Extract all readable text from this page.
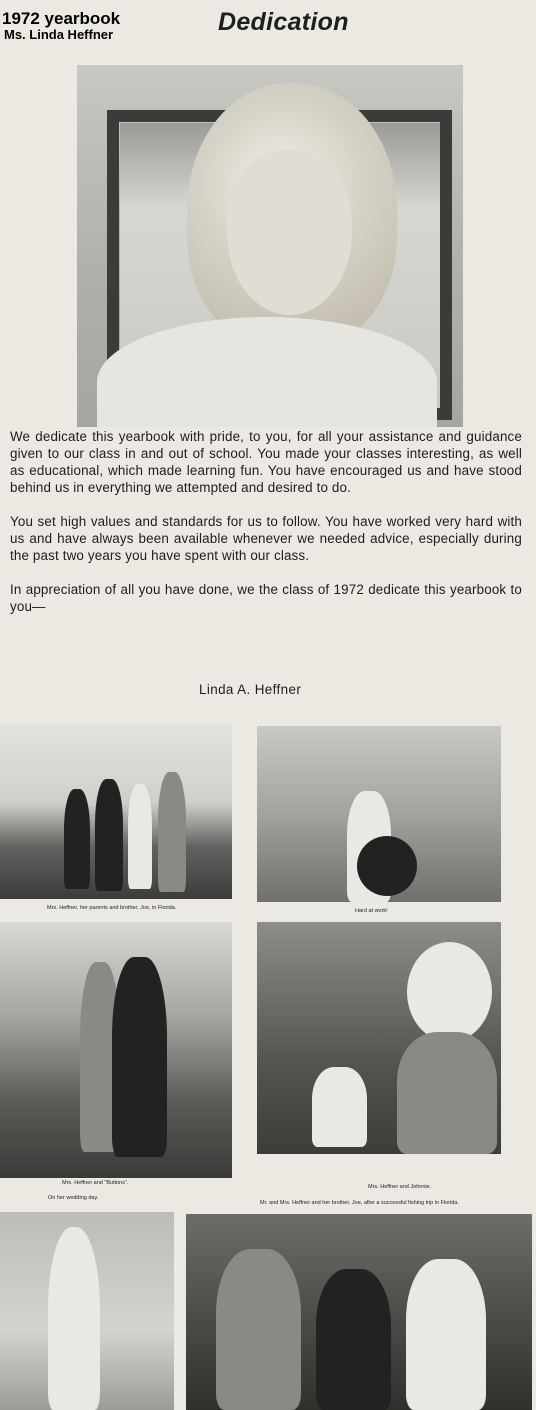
1972 yearbook
Ms. Linda Heffner	Dedication

We dedicate this yearbook with pride, to you, for all your assistance and guidance given to our class in and out of school. You made your classes interesting, as well as educational, which made learning fun. You have encouraged us and have stood behind us in everything we attempted and desired to do.

You set high values and standards for us to follow. You have worked very hard with us and have always been available whenever we needed advice, especially during the past two years you have spent with our class.

In appreciation of all you have done, we the class of 1972 dedicate this yearbook to you—

Linda A. Heffner
Mrs. Heffner, her parents and brother, Joe, in Florida.	Hard at work!
Mrs. Heffner and "Buttons".
On her wedding day.
Mrs. Heffner and Johnnie.
Mr. and Mrs. Heffner and her brother, Joe, after a successful fishing trip in Florida.
